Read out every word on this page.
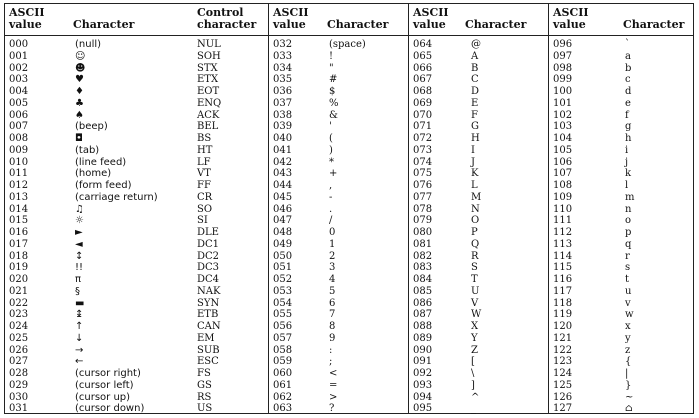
ASCII
value	Character
Control
character
000	(null)	NUL
001	☺	SOH
002	☻	STX
003	♥	ETX
004	♦	EOT
005	♣	ENQ
006	♠	ACK
007	(beep)	BEL
008	◘	BS
009	(tab)	HT
010	(line feed)	LF
011	(home)	VT
012	(form feed)	FF
013	(carriage return)	CR
014	♫	SO
015	☼	SI
016	►	DLE
017	◄	DC1
018	↕	DC2
019	!!	DC3
020	π	DC4
021	§	NAK
022	▬	SYN
023	↨	ETB
024	↑	CAN
025	↓	EM
026	→	SUB
027	←	ESC
028	(cursor right)	FS
029	(cursor left)	GS
030	(cursor up)	RS
031	(cursor down)	US
ASCII
value Character
032	(space)
033	!
034	"
035	#
036	$
037	%
038	&
039	'
040	(
041	)
042	*
043	+
044	,
045	-
046	.
047	/
048	0
049	1
050	2
051	3
052	4
053	5
054	6
055	7
056	8
057	9
058	:
059	;
060	<
061	=
062	>
063	?
ASCII
value Character
064	@
065	A
066	B
067	C
068	D
069	E
070	F
071	G
072	H
073	I
074	J
075	K
076	L
077	M
078	N
079	O
080	P
081	Q
082	R
083	S
084	T
085	U
086	V
087	W
088	X
089	Y
090	Z
091	[
092	\
093	]
094	^
095	_
ASCII
value	Character
096	`
097	a
098	b
099	c
100	d
101	e
102	f
103	g
104	h
105	i
106	j
107	k
108	l
109	m
110	n
111	o
112	p
113	q
114	r
115	s
116	t
117	u
118	v
119	w
120	x
121	y
122	z
123	{
124	|
125	}
126	~
127	⌂
